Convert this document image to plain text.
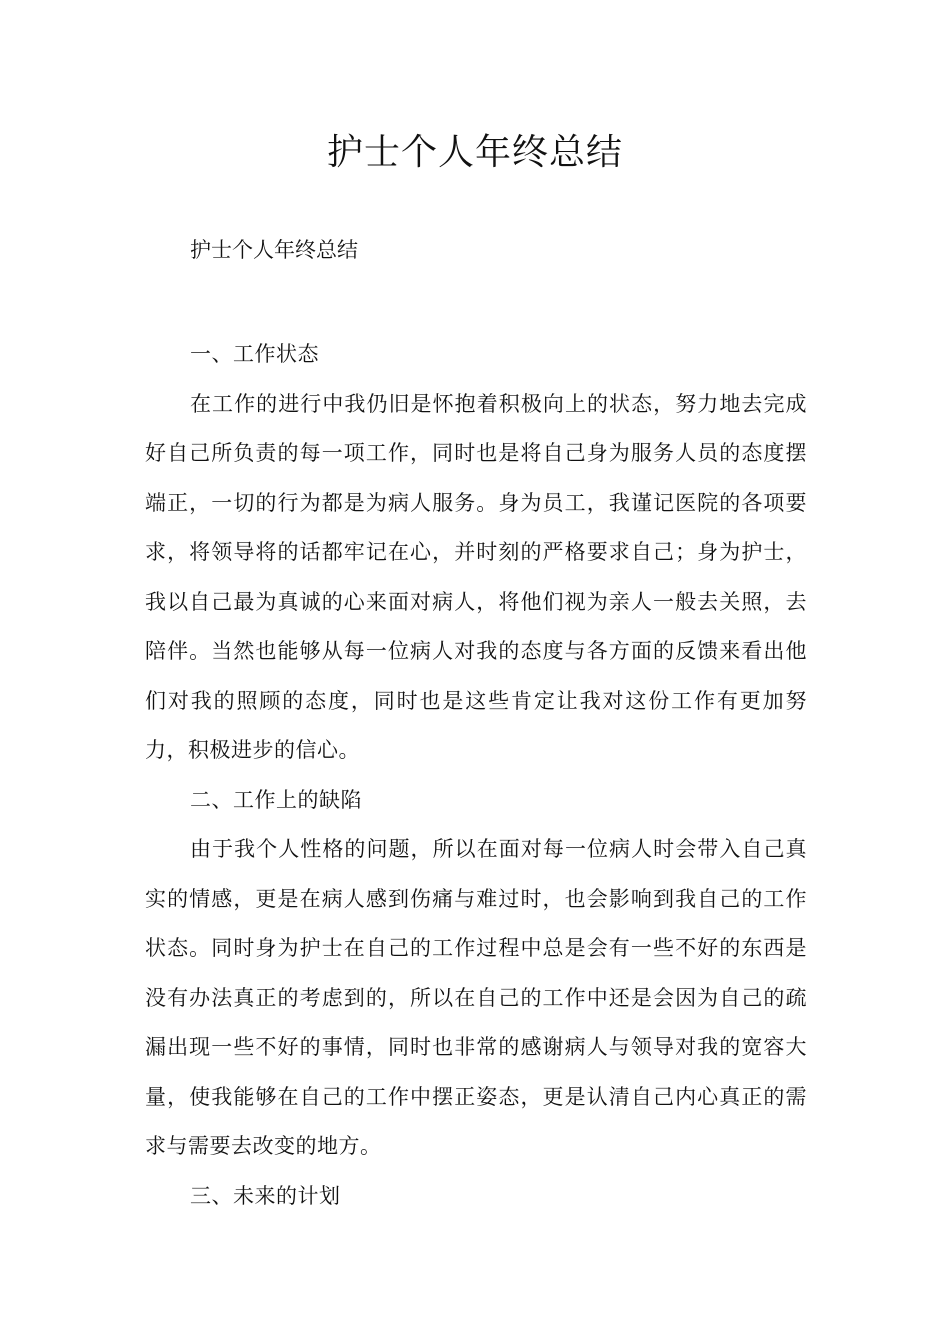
护士个人年终总结

护士个人年终总结

一、工作状态

在工作的进行中我仍旧是怀抱着积极向上的状态，努力地去完成好自己所负责的每一项工作，同时也是将自己身为服务人员的态度摆端正，一切的行为都是为病人服务。身为员工，我谨记医院的各项要求，将领导将的话都牢记在心，并时刻的严格要求自己；身为护士，我以自己最为真诚的心来面对病人，将他们视为亲人一般去关照，去陪伴。当然也能够从每一位病人对我的态度与各方面的反馈来看出他们对我的照顾的态度，同时也是这些肯定让我对这份工作有更加努力，积极进步的信心。

二、工作上的缺陷

由于我个人性格的问题，所以在面对每一位病人时会带入自己真实的情感，更是在病人感到伤痛与难过时，也会影响到我自己的工作状态。同时身为护士在自己的工作过程中总是会有一些不好的东西是没有办法真正的考虑到的，所以在自己的工作中还是会因为自己的疏漏出现一些不好的事情，同时也非常的感谢病人与领导对我的宽容大量，使我能够在自己的工作中摆正姿态，更是认清自己内心真正的需求与需要去改变的地方。

三、未来的计划
